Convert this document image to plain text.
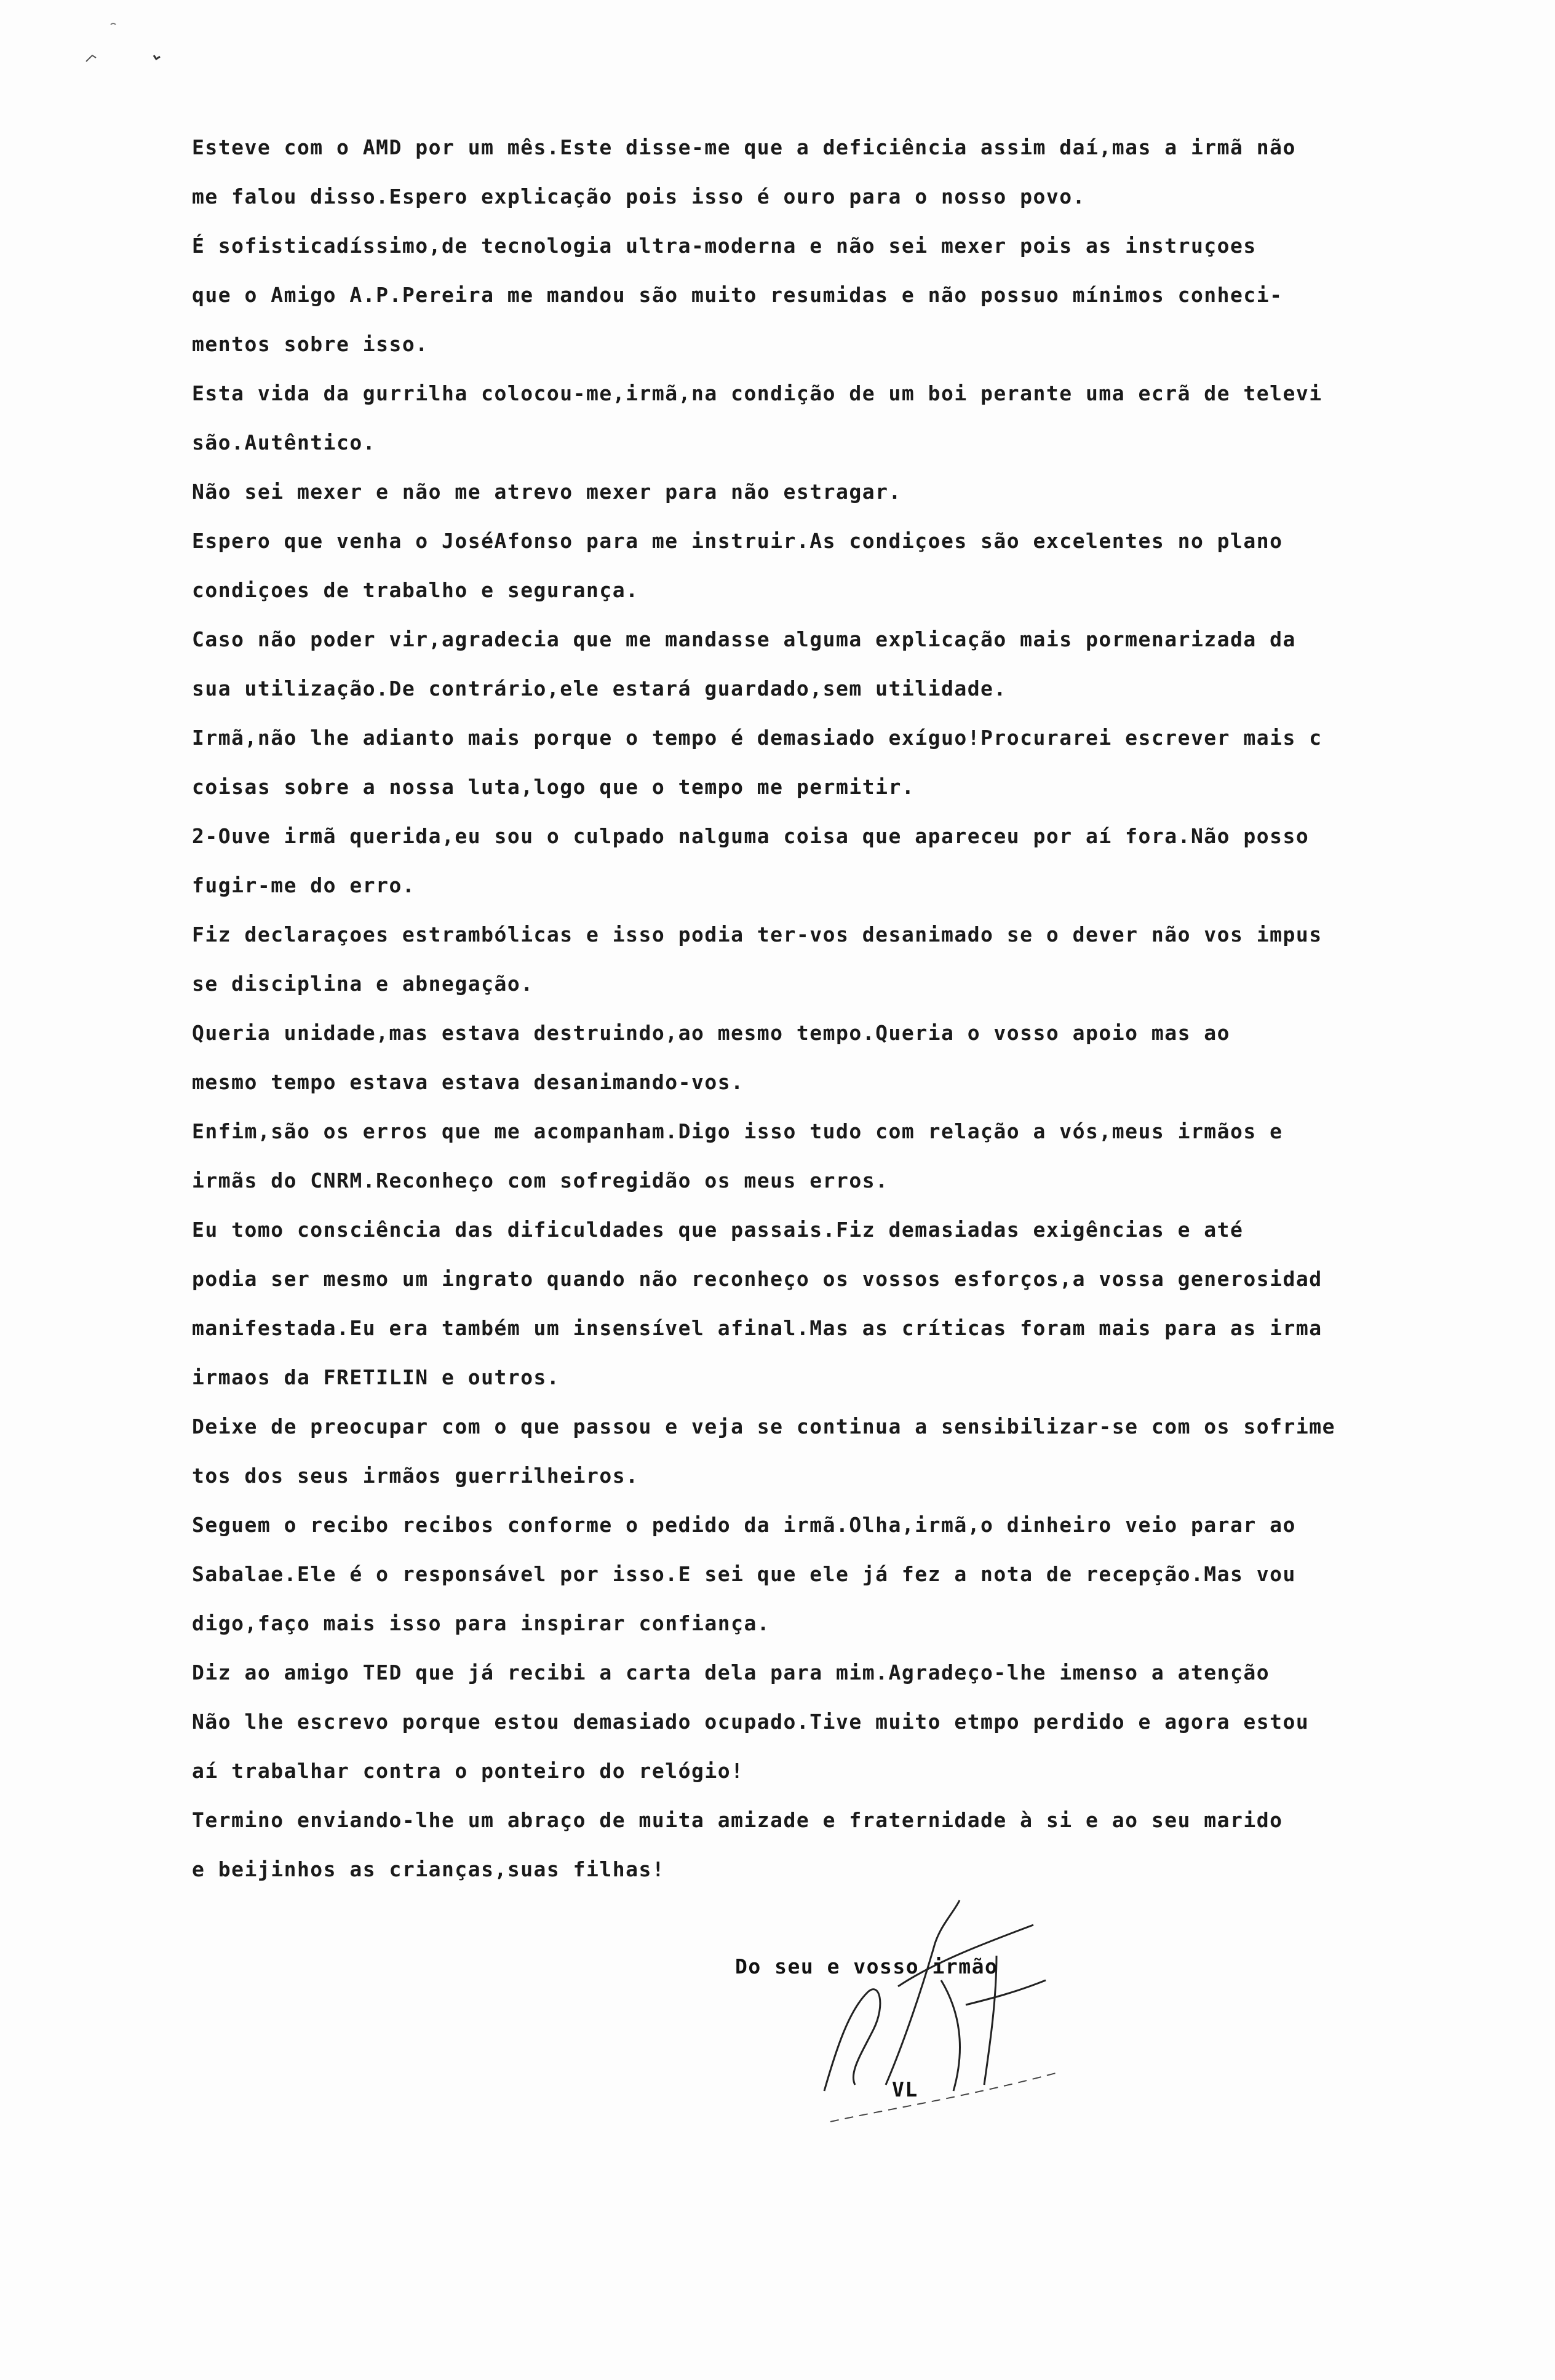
Esteve com o AMD por um mês.Este disse-me que a deficiência assim daí,mas a irmã não
me falou disso.Espero explicação pois isso é ouro para o nosso povo.
É sofisticadíssimo,de tecnologia ultra-moderna e não sei mexer pois as instruçoes
que o Amigo A.P.Pereira me mandou são muito resumidas e não possuo mínimos conheci-
mentos sobre isso.
Esta vida da gurrilha colocou-me,irmã,na condição de um boi perante uma ecrã de televi
são.Autêntico.
Não sei mexer e não me atrevo mexer para não estragar.
Espero que venha o JoséAfonso para me instruir.As condiçoes são excelentes no plano
condiçoes de trabalho e segurança.
Caso não poder vir,agradecia que me mandasse alguma explicação mais pormenarizada da
sua utilização.De contrário,ele estará guardado,sem utilidade.
Irmã,não lhe adianto mais porque o tempo é demasiado exíguo!Procurarei escrever mais c
coisas sobre a nossa luta,logo que o tempo me permitir.
2-Ouve irmã querida,eu sou o culpado nalguma coisa que apareceu por aí fora.Não posso
fugir-me do erro.
Fiz declaraçoes estrambólicas e isso podia ter-vos desanimado se o dever não vos impus
se disciplina e abnegação.
Queria unidade,mas estava destruindo,ao mesmo tempo.Queria o vosso apoio mas ao
mesmo tempo estava estava desanimando-vos.
Enfim,são os erros que me acompanham.Digo isso tudo com relação a vós,meus irmãos e
irmãs do CNRM.Reconheço com sofregidão os meus erros.
Eu tomo consciência das dificuldades que passais.Fiz demasiadas exigências e até
podia ser mesmo um ingrato quando não reconheço os vossos esforços,a vossa generosidad
manifestada.Eu era também um insensível afinal.Mas as críticas foram mais para as irma
irmaos da FRETILIN e outros.
Deixe de preocupar com o que passou e veja se continua a sensibilizar-se com os sofrime
tos dos seus irmãos guerrilheiros.
Seguem o recibo recibos conforme o pedido da irmã.Olha,irmã,o dinheiro veio parar ao
Sabalae.Ele é o responsável por isso.E sei que ele já fez a nota de recepção.Mas vou
digo,faço mais isso para inspirar confiança.
Diz ao amigo TED que já recibi a carta dela para mim.Agradeço-lhe imenso a atenção
Não lhe escrevo porque estou demasiado ocupado.Tive muito etmpo perdido e agora estou
aí trabalhar contra o ponteiro do relógio!
Termino enviando-lhe um abraço de muita amizade e fraternidade à si e ao seu marido
e beijinhos as crianças,suas filhas!
Do seu e vosso irmão
VL
